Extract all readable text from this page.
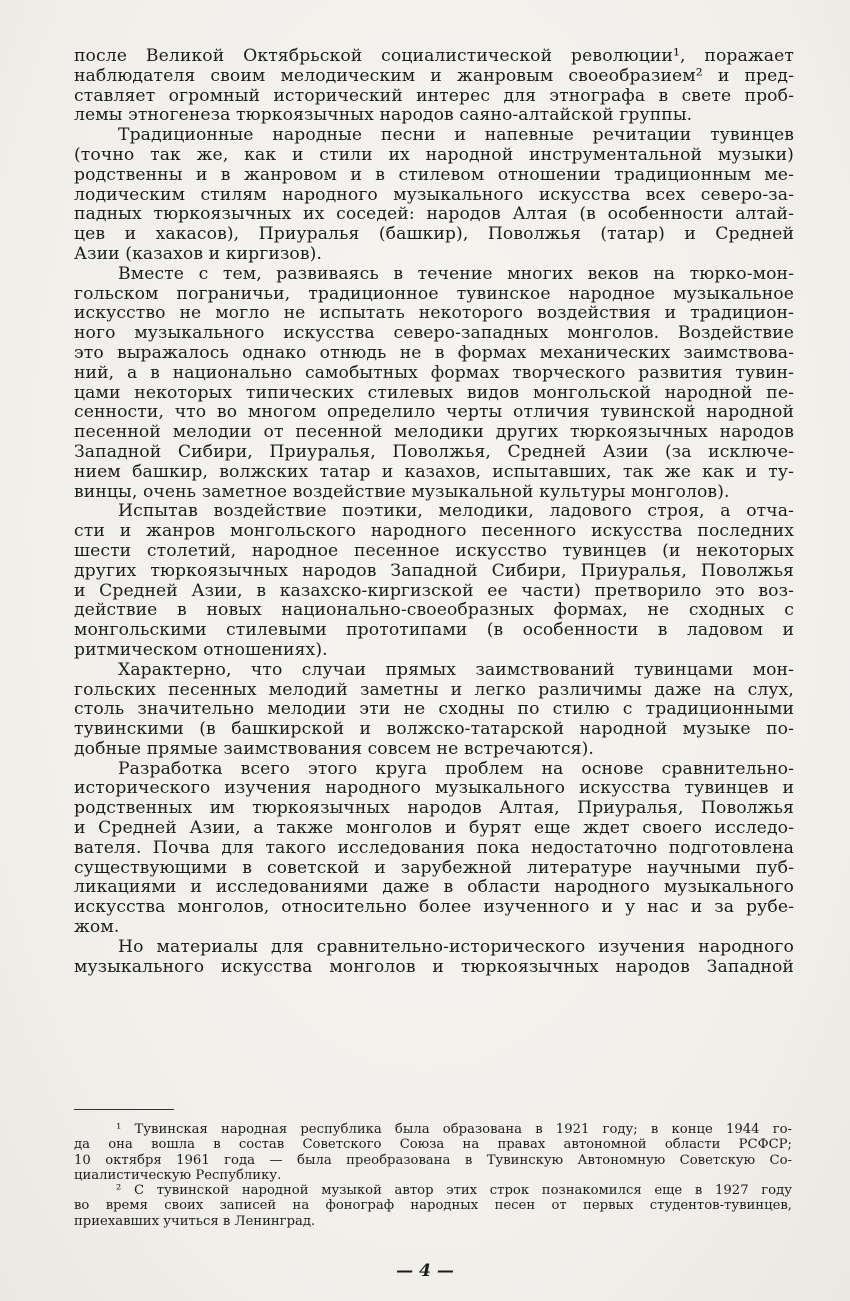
после Великой Октябрьской социалистической революции¹, поражает
наблюдателя своим мелодическим и жанровым своеобразием² и пред-
ставляет огромный исторический интерес для этнографа в свете проб-
лемы этногенеза тюркоязычных народов саяно-алтайской группы.
Традиционные народные песни и напевные речитации тувинцев
(точно так же, как и стили их народной инструментальной музыки)
родственны и в жанровом и в стилевом отношении традиционным ме-
лодическим стилям народного музыкального искусства всех северо-за-
падных тюркоязычных их соседей: народов Алтая (в особенности алтай-
цев и хакасов), Приуралья (башкир), Поволжья (татар) и Средней
Азии (казахов и киргизов).
Вместе с тем, развиваясь в течение многих веков на тюрко-мон-
гольском пограничьи, традиционное тувинское народное музыкальное
искусство не могло не испытать некоторого воздействия и традицион-
ного музыкального искусства северо-западных монголов. Воздействие
это выражалось однако отнюдь не в формах механических заимствова-
ний, а в национально самобытных формах творческого развития тувин-
цами некоторых типических стилевых видов монгольской народной пе-
сенности, что во многом определило черты отличия тувинской народной
песенной мелодии от песенной мелодики других тюркоязычных народов
Западной Сибири, Приуралья, Поволжья, Средней Азии (за исключе-
нием башкир, волжских татар и казахов, испытавших, так же как и ту-
винцы, очень заметное воздействие музыкальной культуры монголов).
Испытав воздействие поэтики, мелодики, ладового строя, а отча-
сти и жанров монгольского народного песенного искусства последних
шести столетий, народное песенное искусство тувинцев (и некоторых
других тюркоязычных народов Западной Сибири, Приуралья, Поволжья
и Средней Азии, в казахско-киргизской ее части) претворило это воз-
действие в новых национально-своеобразных формах, не сходных с
монгольскими стилевыми прототипами (в особенности в ладовом и
ритмическом отношениях).
Характерно, что случаи прямых заимствований тувинцами мон-
гольских песенных мелодий заметны и легко различимы даже на слух,
столь значительно мелодии эти не сходны по стилю с традиционными
тувинскими (в башкирской и волжско-татарской народной музыке по-
добные прямые заимствования совсем не встречаются).
Разработка всего этого круга проблем на основе сравнительно-
исторического изучения народного музыкального искусства тувинцев и
родственных им тюркоязычных народов Алтая, Приуралья, Поволжья
и Средней Азии, а также монголов и бурят еще ждет своего исследо-
вателя. Почва для такого исследования пока недостаточно подготовлена
существующими в советской и зарубежной литературе научными пуб-
ликациями и исследованиями даже в области народного музыкального
искусства монголов, относительно более изученного и у нас и за рубе-
жом.
Но материалы для сравнительно-исторического изучения народного
музыкального искусства монголов и тюркоязычных народов Западной
¹ Тувинская народная республика была образована в 1921 году; в конце 1944 го-
да она вошла в состав Советского Союза на правах автономной области РСФСР;
10 октября 1961 года — была преобразована в Тувинскую Автономную Советскую Со-
циалистическую Республику.
² С тувинской народной музыкой автор этих строк познакомился еще в 1927 году
во время своих записей на фонограф народных песен от первых студентов-тувинцев,
приехавших учиться в Ленинград.
— 4 —
